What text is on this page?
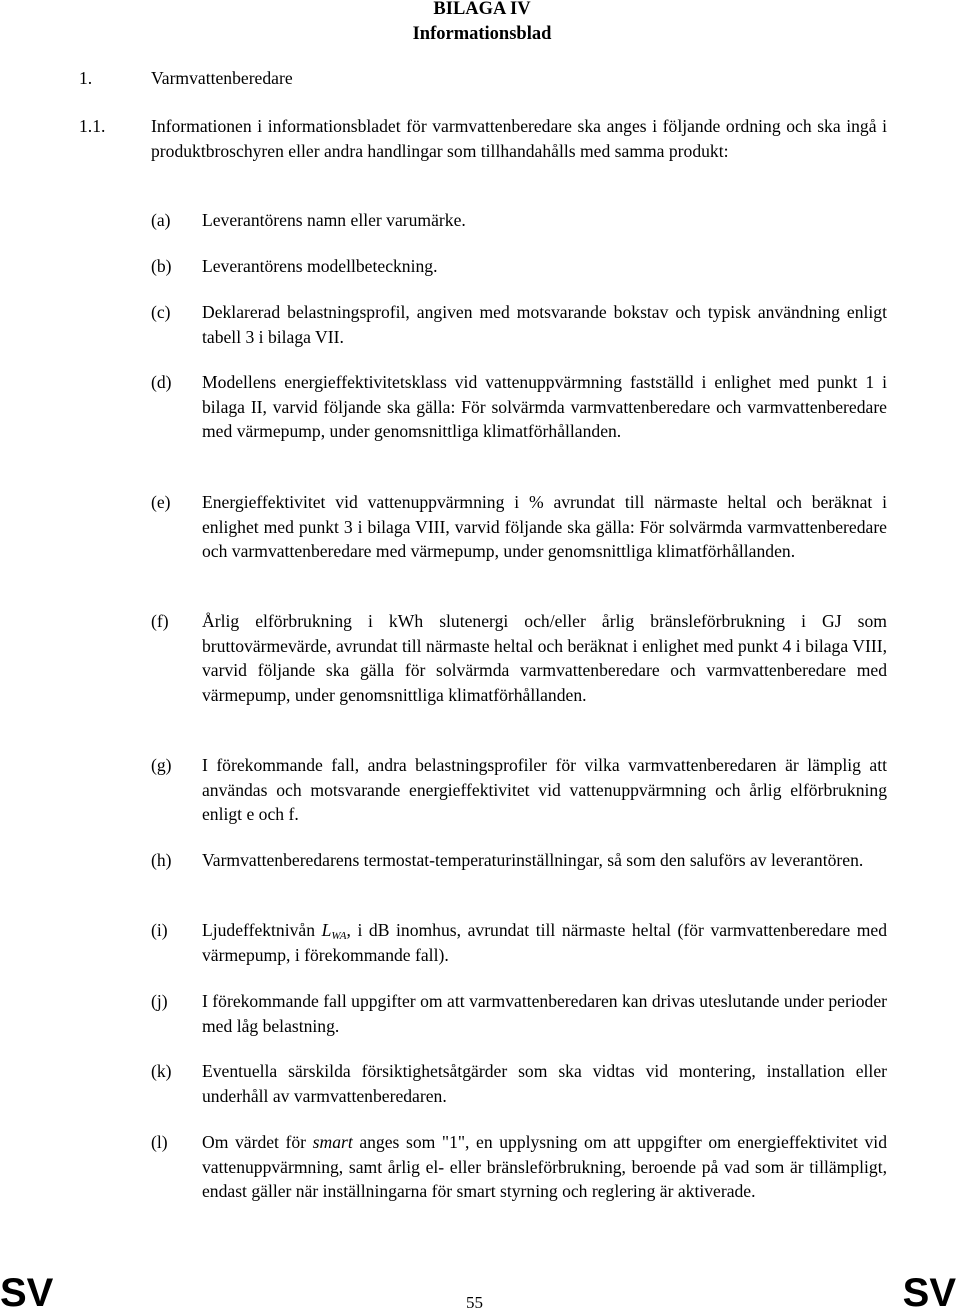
BILAGA IV
Informationsblad
1.	Varmvattenberedare
1.1.	Informationen i informationsbladet för varmvattenberedare ska anges i följande ordning och ska ingå i produktbroschyren eller andra handlingar som tillhandahålls med samma produkt:
(a) Leverantörens namn eller varumärke.
(b) Leverantörens modellbeteckning.
(c) Deklarerad belastningsprofil, angiven med motsvarande bokstav och typisk användning enligt tabell 3 i bilaga VII.
(d) Modellens energieffektivitetsklass vid vattenuppvärmning fastställd i enlighet med punkt 1 i bilaga II, varvid följande ska gälla: För solvärmda varmvattenberedare och varmvattenberedare med värmepump, under genomsnittliga klimatförhållanden.
(e) Energieffektivitet vid vattenuppvärmning i % avrundat till närmaste heltal och beräknat i enlighet med punkt 3 i bilaga VIII, varvid följande ska gälla: För solvärmda varmvattenberedare och varmvattenberedare med värmepump, under genomsnittliga klimatförhållanden.
(f) Årlig elförbrukning i kWh slutenergi och/eller årlig bränsleförbrukning i GJ som bruttovärmevärde, avrundat till närmaste heltal och beräknat i enlighet med punkt 4 i bilaga VIII, varvid följande ska gälla för solvärmda varmvattenberedare och varmvattenberedare med värmepump, under genomsnittliga klimatförhållanden.
(g) I förekommande fall, andra belastningsprofiler för vilka varmvattenberedaren är lämplig att användas och motsvarande energieffektivitet vid vattenuppvärmning och årlig elförbrukning enligt e och f.
(h) Varmvattenberedarens termostat-temperaturinställningar, så som den saluförs av leverantören.
(i) Ljudeffektnivån LWA, i dB inomhus, avrundat till närmaste heltal (för varmvattenberedare med värmepump, i förekommande fall).
(j) I förekommande fall uppgifter om att varmvattenberedaren kan drivas uteslutande under perioder med låg belastning.
(k) Eventuella särskilda försiktighetsåtgärder som ska vidtas vid montering, installation eller underhåll av varmvattenberedaren.
(l) Om värdet för smart anges som "1", en upplysning om att uppgifter om energieffektivitet vid vattenuppvärmning, samt årlig el- eller bränsleförbrukning, beroende på vad som är tillämpligt, endast gäller när inställningarna för smart styrning och reglering är aktiverade.
SV	55	SV
